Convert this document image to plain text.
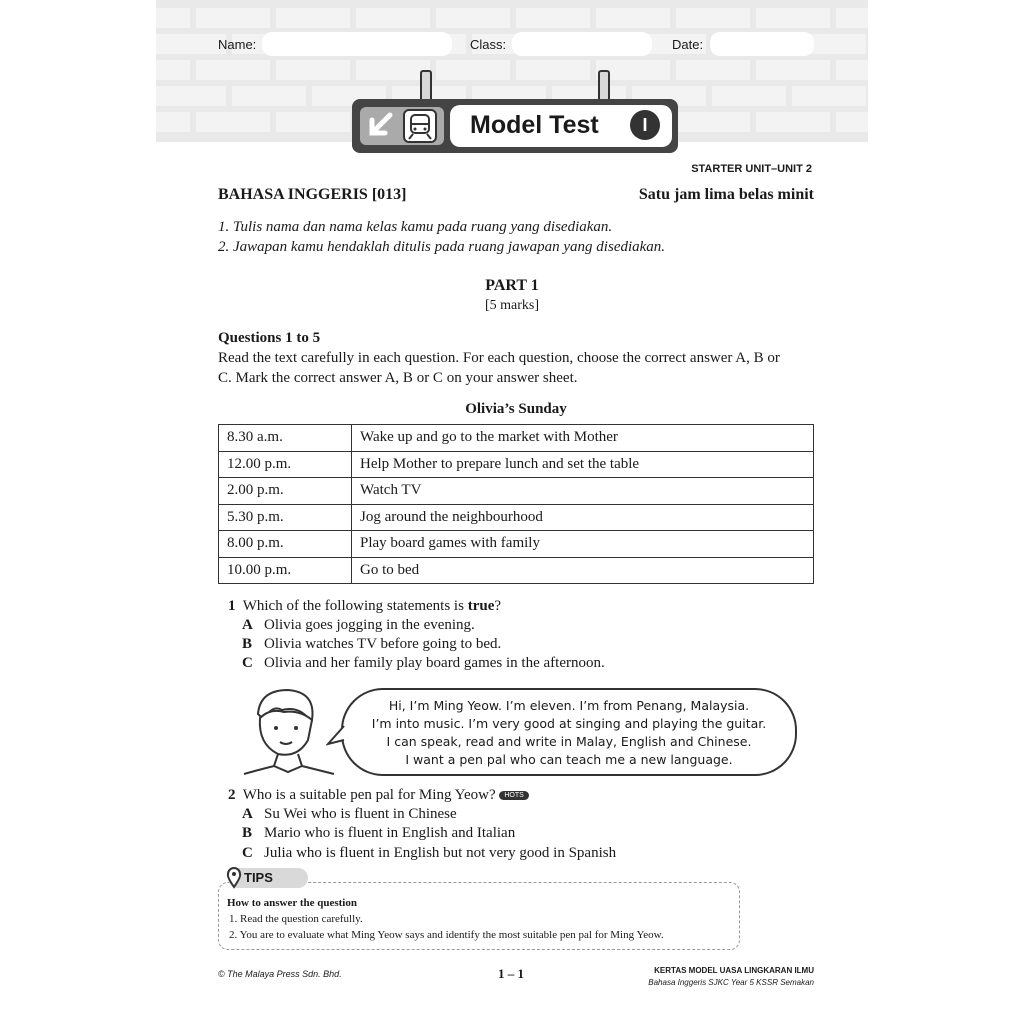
Name:	Class:	Date:
Model Test	I
STARTER UNIT–UNIT 2
BAHASA INGGERIS [013]	Satu jam lima belas minit
1. Tulis nama dan nama kelas kamu pada ruang yang disediakan.
2. Jawapan kamu hendaklah ditulis pada ruang jawapan yang disediakan.
PART 1
[5 marks]
Questions 1 to 5
Read the text carefully in each question. For each question, choose the correct answer A, B or
C. Mark the correct answer A, B or C on your answer sheet.
Olivia’s Sunday
8.30 a.m.	Wake up and go to the market with Mother
12.00 p.m.	Help Mother to prepare lunch and set the table
2.00 p.m.	Watch TV
5.30 p.m.	Jog around the neighbourhood
8.00 p.m.	Play board games with family
10.00 p.m.	Go to bed
1 Which of the following statements is true?
A Olivia goes jogging in the evening.
B Olivia watches TV before going to bed.
C Olivia and her family play board games in the afternoon.
Hi, I’m Ming Yeow. I’m eleven. I’m from Penang, Malaysia.
I’m into music. I’m very good at singing and playing the guitar.
I can speak, read and write in Malay, English and Chinese.
I want a pen pal who can teach me a new language.
2 Who is a suitable pen pal for Ming Yeow? HOTS
A Su Wei who is fluent in Chinese
B Mario who is fluent in English and Italian
C Julia who is fluent in English but not very good in Spanish
How to answer the question
1. Read the question carefully.
2. You are to evaluate what Ming Yeow says and identify the most suitable pen pal for Ming Yeow.
TIPS
© The Malaya Press Sdn. Bhd.	1 – 1	KERTAS MODEL UASA LINGKARAN ILMU
Bahasa Inggeris SJKC Year 5 KSSR Semakan
